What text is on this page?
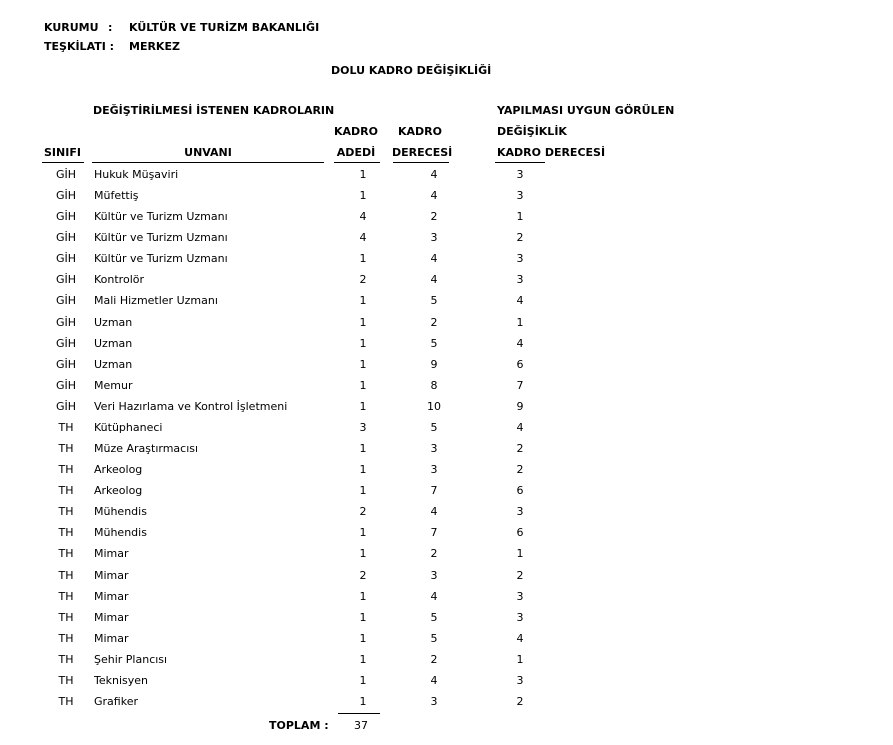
KURUMU : KÜLTÜR VE TURİZM BAKANLIĞI
TEŞKİLATI : MERKEZ
DOLU KADRO DEĞİŞİKLİĞİ
DEĞİŞTİRİLMESİ İSTENEN KADROLARIN	YAPILMASI UYGUN GÖRÜLEN
KADRO	KADRO	DEĞİŞİKLİK
SINIFI	UNVANI	ADEDİ	DERECESİ	KADRO DERECESİ
GİH	Hukuk Müşaviri	1	4	3
GİH	Müfettiş	1	4	3
GİH	Kültür ve Turizm Uzmanı	4	2	1
GİH	Kültür ve Turizm Uzmanı	4	3	2
GİH	Kültür ve Turizm Uzmanı	1	4	3
GİH	Kontrolör	2	4	3
GİH	Mali Hizmetler Uzmanı	1	5	4
GİH	Uzman	1	2	1
GİH	Uzman	1	5	4
GİH	Uzman	1	9	6
GİH	Memur	1	8	7
GİH	Veri Hazırlama ve Kontrol İşletmeni	1	10	9
TH	Kütüphaneci	3	5	4
TH	Müze Araştırmacısı	1	3	2
TH	Arkeolog	1	3	2
TH	Arkeolog	1	7	6
TH	Mühendis	2	4	3
TH	Mühendis	1	7	6
TH	Mimar	1	2	1
TH	Mimar	2	3	2
TH	Mimar	1	4	3
TH	Mimar	1	5	3
TH	Mimar	1	5	4
TH	Şehir Plancısı	1	2	1
TH	Teknisyen	1	4	3
TH	Grafiker	1	3	2
TOPLAM :	37
